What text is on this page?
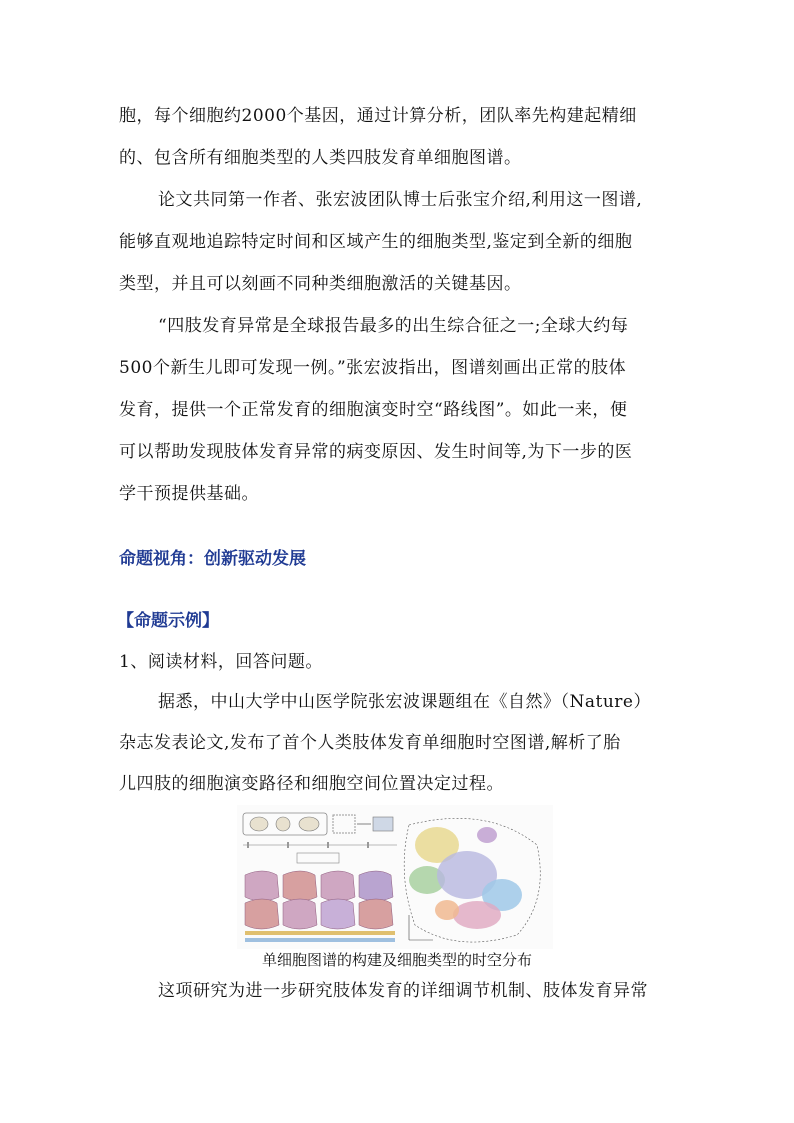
胞，每个细胞约2000个基因，通过计算分析，团队率先构建起精细
的、包含所有细胞类型的人类四肢发育单细胞图谱。
论文共同第一作者、张宏波团队博士后张宝介绍,利用这一图谱,
能够直观地追踪特定时间和区域产生的细胞类型,鉴定到全新的细胞
类型，并且可以刻画不同种类细胞激活的关键基因。
“四肢发育异常是全球报告最多的出生综合征之一;全球大约每
500个新生儿即可发现一例。”张宏波指出，图谱刻画出正常的肢体
发育，提供一个正常发育的细胞演变时空“路线图”。如此一来，便
可以帮助发现肢体发育异常的病变原因、发生时间等,为下一步的医
学干预提供基础。
命题视角：创新驱动发展
【命题示例】
1、阅读材料，回答问题。
据悉，中山大学中山医学院张宏波课题组在《自然》（Nature）
杂志发表论文,发布了首个人类肢体发育单细胞时空图谱,解析了胎
儿四肢的细胞演变路径和细胞空间位置决定过程。
单细胞图谱的构建及细胞类型的时空分布
这项研究为进一步研究肢体发育的详细调节机制、肢体发育异常
